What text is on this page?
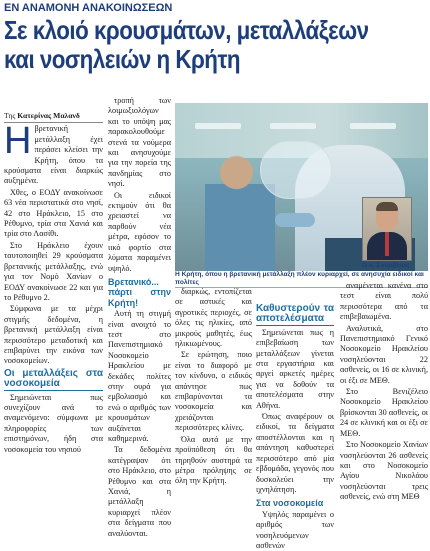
ΕΝ ΑΝΑΜΟΝΗ ΑΝΑΚΟΙΝΩΣΕΩΝ
Σε κλοιό κρουσμάτων, μεταλλάξεων
και νοσηλειών η Κρήτη

Της Κατερίνας Μαλανδ

Η βρετανική μετάλλαξη έχει περάσει κλείσει την Κρήτη, όπου τα κρούσματα είναι διαρκώς αυξημένα.

Χθες, ο ΕΟΔΥ ανακοίνωσε 63 νέα περιστατικά στο νησί, 42 στο Ηράκλειο, 15 στο Ρέθυμνο, τρία στα Χανιά και τρία στο Λασίθι.

Στο Ηράκλειο έχουν ταυτοποιηθεί 29 κρούσματα βρετανικής μετάλλαξης, ενώ για τον Νομό Χανίων ο ΕΟΔΥ ανακοίνωσε 22 και για το Ρέθυμνο 2.

Σύμφωνα με τα μέχρι στιγμής δεδομένα, η βρετανική μετάλλαξη είναι περισσότερο μεταδοτική και επιβαρύνει την εικόνα των νοσοκομείων.

Οι μεταλλάξεις στα νοσοκομεία

Σημειώνεται πως συνεχίζουν ανά το αναμενόμενο: σύμφωνα με πληροφορίες των επιστημόνων, ήδη στα νοσοκομεία του νησιού

τροπή των λοιμωξιολόγων και το υπόψη μας παρακολουθούμε στενά τα νούμερα και ανησυχούμε για την πορεία της πανδημίας στο νησί.

Οι ειδικοί εκτιμούν ότι θα χρειαστεί να παρθούν νέα μέτρα, εφόσον το ιικό φορτίο στα λύματα παραμένει υψηλό.

Βρετανικό... πάρτι στην Κρήτη!

Αυτή τη στιγμή είναι ανοιχτό το τεστ στο Πανεπιστημιακό Νοσοκομείο Ηρακλείου με δεκάδες πολίτες στην ουρά για εμβολιασμό και ενώ ο αριθμός των κρουσμάτων αυξάνεται καθημερινά.

Τα δεδομένα κατέγραψαν ότι στο Ηράκλειο, στο Ρέθυμνο και στα Χανιά, η μετάλλαξη κυριαρχεί πλέον στα δείγματα που αναλύονται.

Η Κρήτη, όπου η βρετανική μετάλλαξη πλέον κυριαρχεί, σε ανησυχία ειδικοί και πολίτες

διαρκώς, εντοπίζεται σε αστικές και αγροτικές περιοχές, σε όλες τις ηλικίες, από μικρούς μαθητές, έως ηλικιωμένους.

Σε ερώτηση, ποιο είναι το διαφορό με τον κίνδυνο, ο ειδικός απάντησε πως επιβαρύνονται τα νοσοκομεία και χρειάζονται περισσότερες κλίνες.

Όλα αυτά με την προϋπόθεση ότι θα τηρηθούν αυστηρά τα μέτρα πρόληψης σε όλη την Κρήτη.

Καθυστερούν τα αποτελέσματα

Σημειώνεται πως η επιβεβαίωση των μεταλλάξεων γίνεται στα εργαστήρια και αργεί αρκετές ημέρες για να δοθούν τα αποτελέσματα στην Αθήνα.

Όπως αναφέρουν οι ειδικοί, τα δείγματα αποστέλλονται και η απάντηση καθυστερεί περισσότερο από μία εβδομάδα, γεγονός που δυσκολεύει την ιχνηλάτηση.

Στα νοσοκομεία

Υψηλός παραμένει ο αριθμός των νοσηλευόμενων ασθενών

Ο κ. Σουρβίνος

αναμένεται κανένα στο τεστ είναι πολύ περισσότερα από τα επιβεβαιωμένα.

Αναλυτικά, στο Πανεπιστημιακό Γενικό Νοσοκομείο Ηρακλείου νοσηλεύονται 22 ασθενείς, οι 16 σε κλινική, οι έξι σε ΜΕΘ.

Στο Βενιζέλειο Νοσοκομείο Ηρακλείου βρίσκονται 30 ασθενείς, οι 24 σε κλινική και οι έξι σε ΜΕΘ.

Στο Νοσοκομείο Χανίων νοσηλεύονται 26 ασθενείς και στο Νοσοκομείο Αγίου Νικολάου νοσηλεύονται τρεις ασθενείς, ενώ στη ΜΕΘ
